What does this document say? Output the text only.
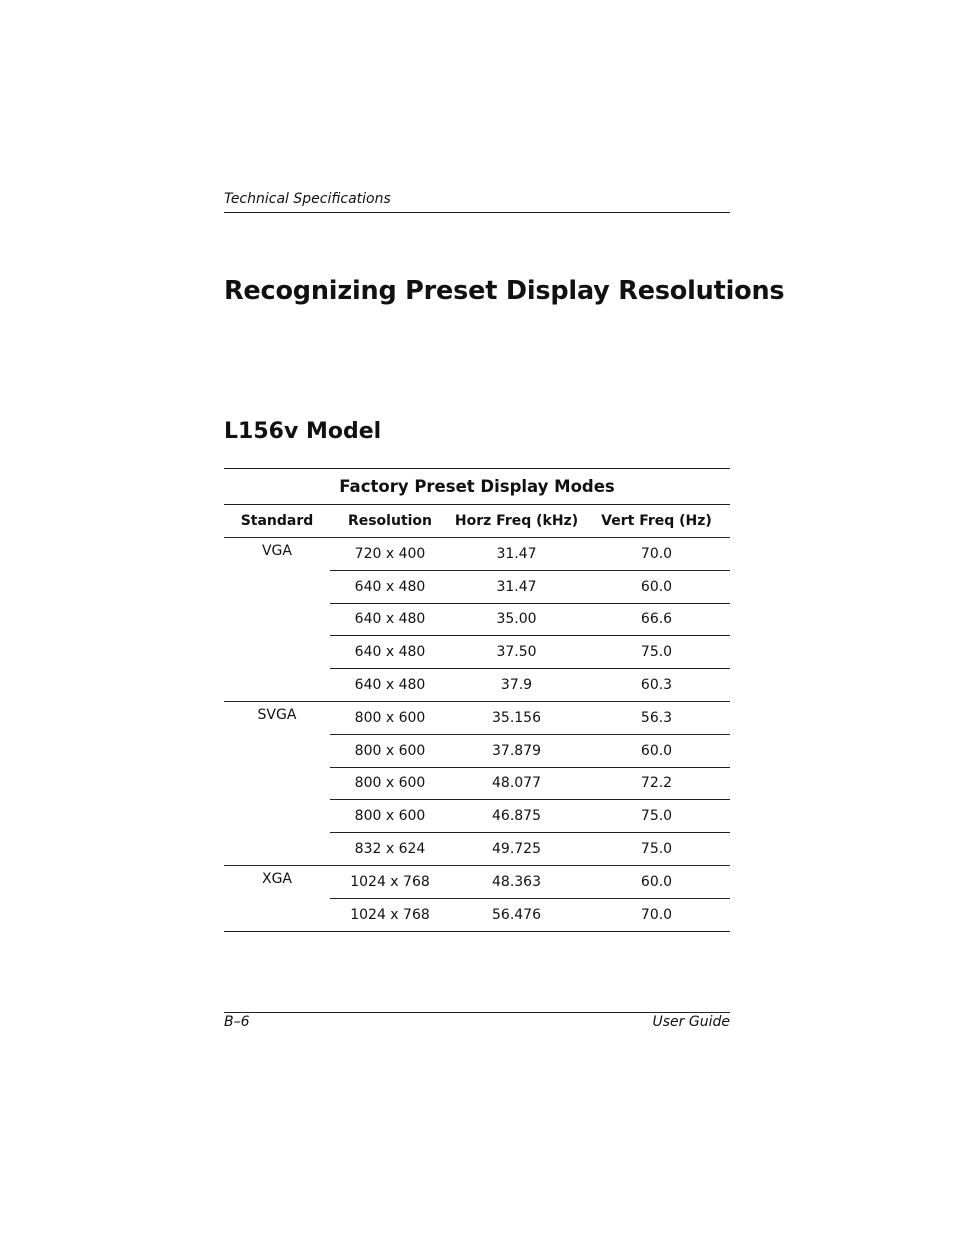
Technical Specifications
Recognizing Preset Display Resolutions
L156v Model
Factory Preset Display Modes			
Standard	Resolution	Horz Freq (kHz)	Vert Freq (Hz)
VGA	720 x 400	31.47	70.0
	640 x 480	31.47	60.0
	640 x 480	35.00	66.6
	640 x 480	37.50	75.0
	640 x 480	37.9	60.3
SVGA	800 x 600	35.156	56.3
	800 x 600	37.879	60.0
	800 x 600	48.077	72.2
	800 x 600	46.875	75.0
	832 x 624	49.725	75.0
XGA	1024 x 768	48.363	60.0
	1024 x 768	56.476	70.0
B–6	User Guide
